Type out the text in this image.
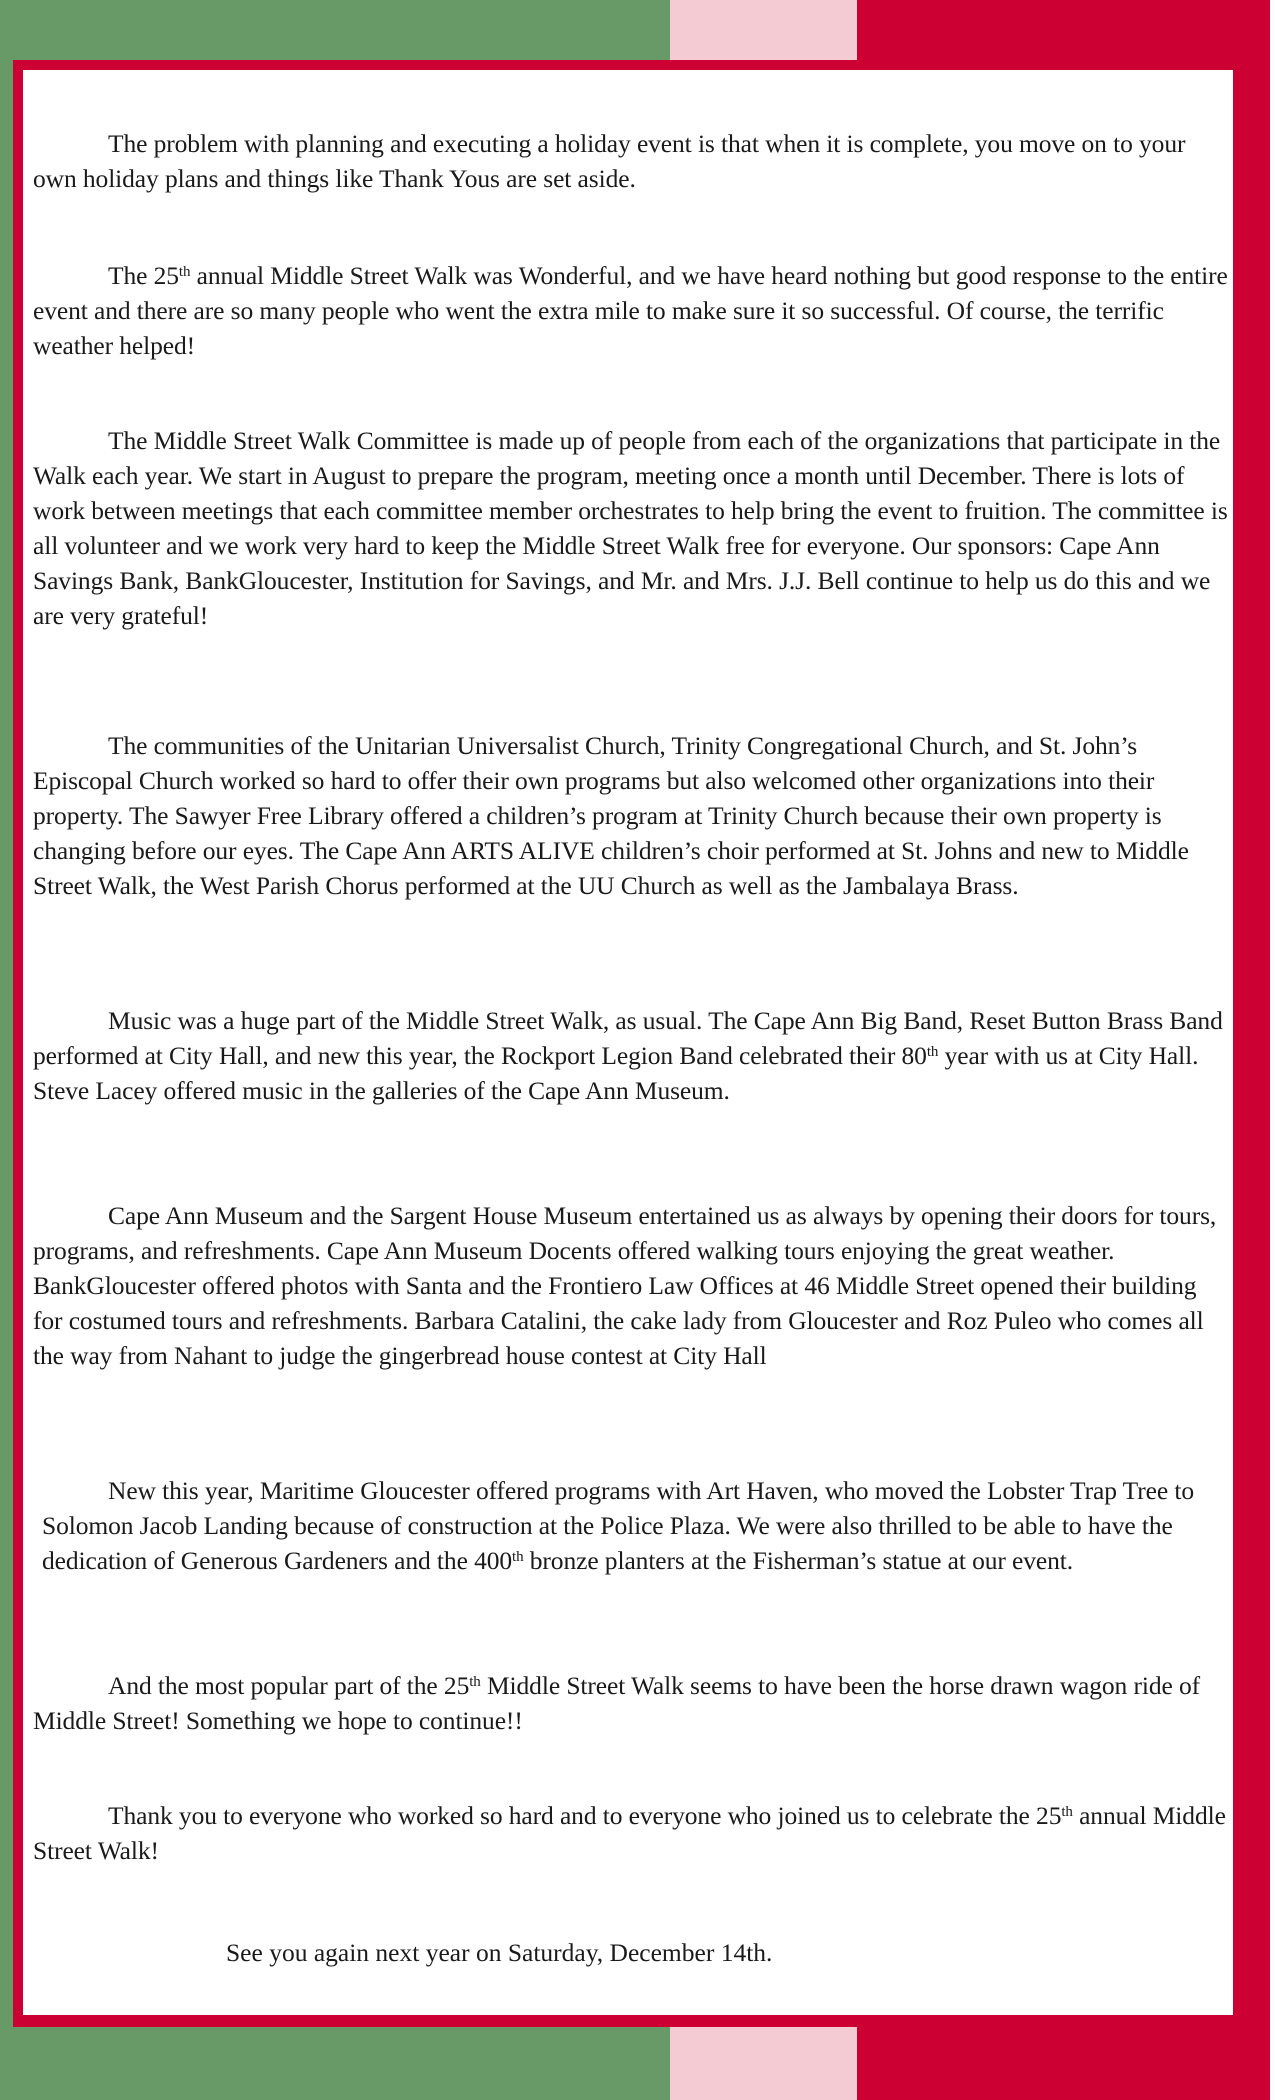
The problem with planning and executing a holiday event is that when it is complete, you move on to your own holiday plans and things like Thank Yous are set aside.

The 25th annual Middle Street Walk was Wonderful, and we have heard nothing but good response to the entire event and there are so many people who went the extra mile to make sure it so successful. Of course, the terrific weather helped!

The Middle Street Walk Committee is made up of people from each of the organizations that participate in the Walk each year. We start in August to prepare the program, meeting once a month until December. There is lots of work between meetings that each committee member orchestrates to help bring the event to fruition. The committee is all volunteer and we work very hard to keep the Middle Street Walk free for everyone. Our sponsors: Cape Ann Savings Bank, BankGloucester, Institution for Savings, and Mr. and Mrs. J.J. Bell continue to help us do this and we are very grateful!

The communities of the Unitarian Universalist Church, Trinity Congregational Church, and St. John’s Episcopal Church worked so hard to offer their own programs but also welcomed other organizations into their property. The Sawyer Free Library offered a children’s program at Trinity Church because their own property is changing before our eyes. The Cape Ann ARTS ALIVE children’s choir performed at St. Johns and new to Middle Street Walk, the West Parish Chorus performed at the UU Church as well as the Jambalaya Brass.

Music was a huge part of the Middle Street Walk, as usual. The Cape Ann Big Band, Reset Button Brass Band performed at City Hall, and new this year, the Rockport Legion Band celebrated their 80th year with us at City Hall. Steve Lacey offered music in the galleries of the Cape Ann Museum.

Cape Ann Museum and the Sargent House Museum entertained us as always by opening their doors for tours, programs, and refreshments. Cape Ann Museum Docents offered walking tours enjoying the great weather. BankGloucester offered photos with Santa and the Frontiero Law Offices at 46 Middle Street opened their building for costumed tours and refreshments. Barbara Catalini, the cake lady from Gloucester and Roz Puleo who comes all the way from Nahant to judge the gingerbread house contest at City Hall

New this year, Maritime Gloucester offered programs with Art Haven, who moved the Lobster Trap Tree to Solomon Jacob Landing because of construction at the Police Plaza. We were also thrilled to be able to have the dedication of Generous Gardeners and the 400th bronze planters at the Fisherman’s statue at our event.

And the most popular part of the 25th Middle Street Walk seems to have been the horse drawn wagon ride of Middle Street! Something we hope to continue!!

Thank you to everyone who worked so hard and to everyone who joined us to celebrate the 25th annual Middle Street Walk!

See you again next year on Saturday, December 14th.
